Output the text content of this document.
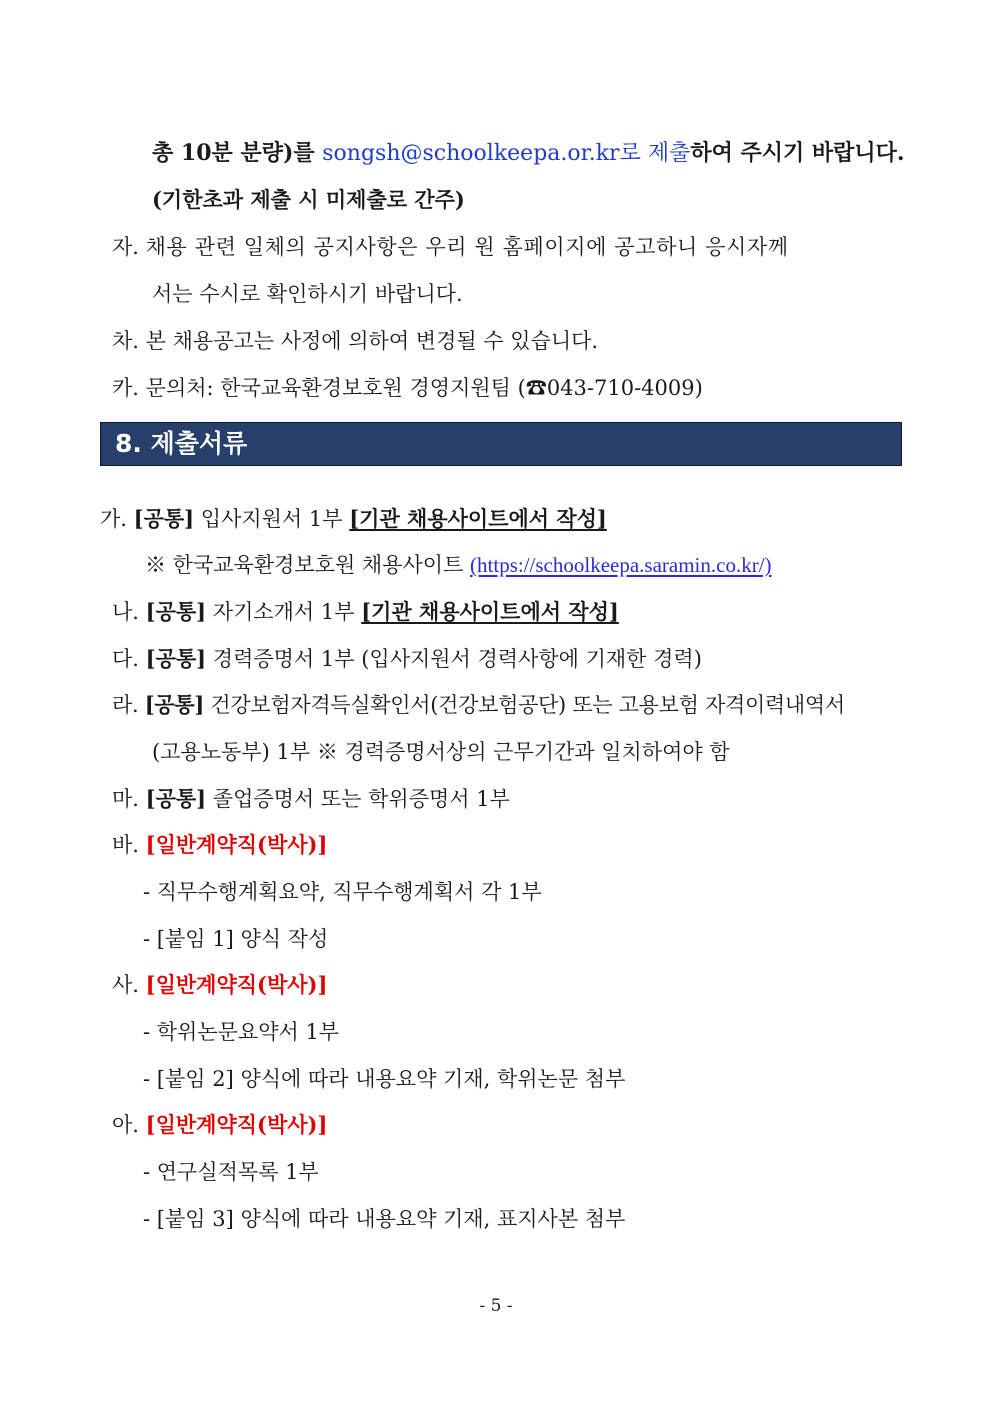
총 10분 분량)를 songsh@schoolkeepa.or.kr로 제출하여 주시기 바랍니다.
(기한초과 제출 시 미제출로 간주)
자. 채용 관련 일체의 공지사항은 우리 원 홈페이지에 공고하니 응시자께
서는 수시로 확인하시기 바랍니다.
차. 본 채용공고는 사정에 의하여 변경될 수 있습니다.
카. 문의처: 한국교육환경보호원 경영지원팀 (☎043-710-4009)
8. 제출서류
가. [공통] 입사지원서 1부 [기관 채용사이트에서 작성]
※ 한국교육환경보호원 채용사이트 (https://schoolkeepa.saramin.co.kr/)
나. [공통] 자기소개서 1부 [기관 채용사이트에서 작성]
다. [공통] 경력증명서 1부 (입사지원서 경력사항에 기재한 경력)
라. [공통] 건강보험자격득실확인서(건강보험공단) 또는 고용보험 자격이력내역서
(고용노동부) 1부 ※ 경력증명서상의 근무기간과 일치하여야 함
마. [공통] 졸업증명서 또는 학위증명서 1부
바. [일반계약직(박사)]
- 직무수행계획요약, 직무수행계획서 각 1부
- [붙임 1] 양식 작성
사. [일반계약직(박사)]
- 학위논문요약서 1부
- [붙임 2] 양식에 따라 내용요약 기재, 학위논문 첨부
아. [일반계약직(박사)]
- 연구실적목록 1부
- [붙임 3] 양식에 따라 내용요약 기재, 표지사본 첨부
- 5 -
